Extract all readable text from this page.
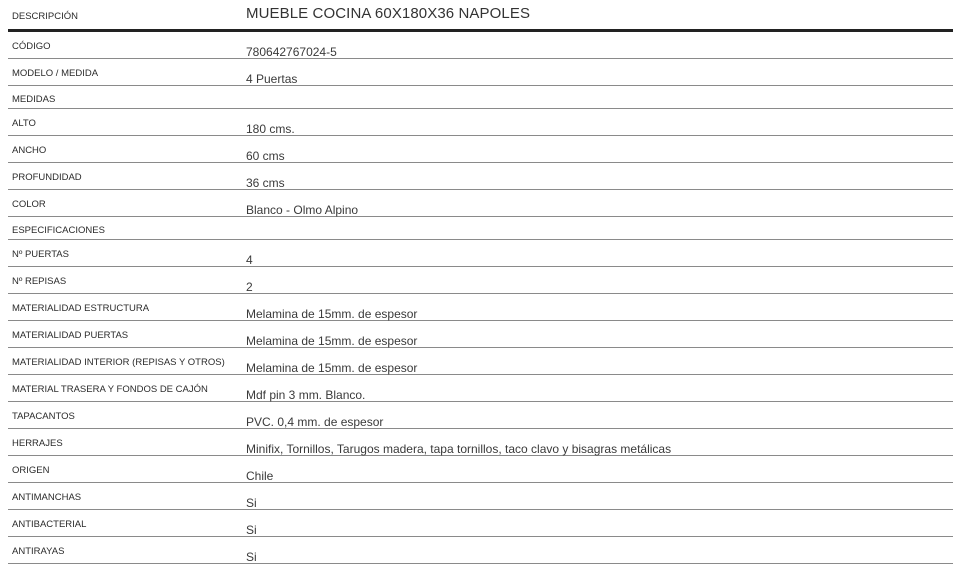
DESCRIPCIÓN	MUEBLE COCINA 60X180X36 NAPOLES
CÓDIGO	780642767024-5
MODELO / MEDIDA	4 Puertas
MEDIDAS
ALTO	180 cms.
ANCHO	60 cms
PROFUNDIDAD	36 cms
COLOR	Blanco - Olmo Alpino
ESPECIFICACIONES
Nº PUERTAS	4
Nº REPISAS	2
MATERIALIDAD ESTRUCTURA	Melamina de 15mm. de espesor
MATERIALIDAD PUERTAS	Melamina de 15mm. de espesor
MATERIALIDAD INTERIOR (REPISAS Y OTROS)	Melamina de 15mm. de espesor
MATERIAL TRASERA Y FONDOS DE CAJÓN	Mdf pin 3 mm. Blanco.
TAPACANTOS	PVC. 0,4 mm. de espesor
HERRAJES	Minifix, Tornillos, Tarugos madera, tapa tornillos, taco clavo y bisagras metálicas
ORIGEN	Chile
ANTIMANCHAS	Si
ANTIBACTERIAL	Si
ANTIRAYAS	Si
